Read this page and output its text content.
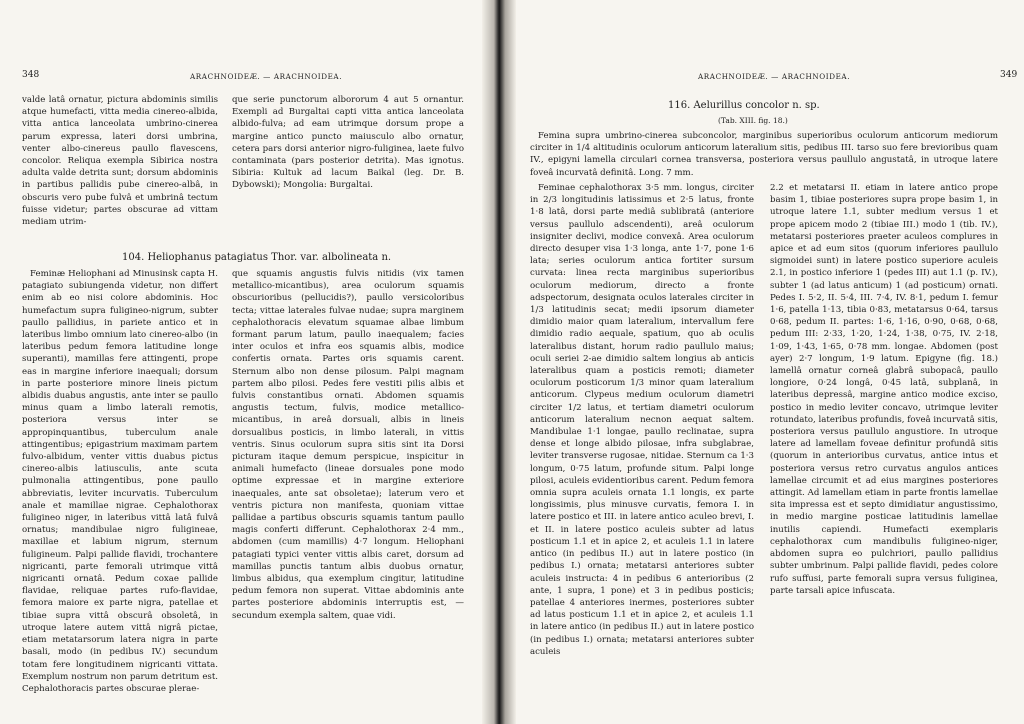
348	ARACHNOIDEÆ. — ARACHNOIDEA.

valde latâ ornatur, pictura abdominis similis atque humefacti, vitta media cinereo-albida, vitta antica lanceolata umbrino-cinerea parum expressa, lateri dorsi umbrina, venter albo-cinereus paullo flavescens, concolor. Reliqua exempla Sibirica nostra adulta valde detrita sunt; dorsum abdominis in partibus pallidis pube cinereo-albâ, in obscuris vero pube fulvâ et umbrinâ tectum fuisse videtur; partes obscurae ad vittam mediam utrim-

que serie punctorum albororum 4 aut 5 ornantur. Exempli ad Burgaltai capti vitta antica lanceolata albido-fulva; ad eam utrimque dorsum prope a margine antico puncto maiusculo albo ornatur, cetera pars dorsi anterior nigro-fuliginea, laete fulvo contaminata (pars posterior detrita). Mas ignotus. Sibiria: Kultuk ad lacum Baikal (leg. Dr. B. Dybowski); Mongolia: Burgaltai.

104. Heliophanus patagiatus Thor. var. albolineata n.

Feminæ Heliophani ad Minusinsk capta H. patagiato subiungenda videtur, non differt enim ab eo nisi colore abdominis. Hoc humefactum supra fuligineo-nigrum, subter paullo pallidius, in pariete antico et in lateribus limbo omnium lato cinereo-albo (in lateribus pedum femora latitudine longe superanti), mamillas fere attingenti, prope eas in margine inferiore inaequali; dorsum in parte posteriore minore lineis pictum albidis duabus angustis, ante inter se paullo minus quam a limbo laterali remotis, posteriora versus inter se appropinquantibus, tuberculum anale attingentibus; epigastrium maximam partem fulvo-albidum, venter vittis duabus pictus cinereo-albis latiusculis, ante scuta pulmonalia attingentibus, pone paullo abbreviatis, leviter incurvatis. Tuberculum anale et mamillae nigrae. Cephalothorax fuligineo niger, in lateribus vittâ latâ fulvâ ornatus; mandibulae nigro fuligineae, maxillae et labium nigrum, sternum fuligineum. Palpi pallide flavidi, trochantere nigricanti, parte femorali utrimque vittâ nigricanti ornatâ. Pedum coxae pallide flavidae, reliquae partes rufo-flavidae, femora maiore ex parte nigra, patellae et tibiae supra vittâ obscurâ obsoletâ, in utroque latere autem vittâ nigrâ pictae, etiam metatarsorum latera nigra in parte basali, modo (in pedibus IV.) secundum totam fere longitudinem nigricanti vittata. Exemplum nostrum non parum detritum est. Cephalothoracis partes obscurae plerae-

que squamis angustis fulvis nitidis (vix tamen metallico-micantibus), area oculorum squamis obscurioribus (pellucidis?), paullo versicoloribus tecta; vittae laterales fulvae nudae; supra marginem cephalothoracis elevatum squamae albae limbum formant parum latum, paullo inaequalem; facies inter oculos et infra eos squamis albis, modice confertis ornata. Partes oris squamis carent. Sternum albo non dense pilosum. Palpi magnam partem albo pilosi. Pedes fere vestiti pilis albis et fulvis constantibus ornati. Abdomen squamis angustis tectum, fulvis, modice metallico-micantibus, in areâ dorsuali, albis in lineis dorsualibus posticis, in limbo laterali, in vittis ventris. Sinus oculorum supra sitis sint ita Dorsi picturam itaque demum perspicue, inspicitur in animali humefacto (lineae dorsuales pone modo optime expressae et in margine exteriore inaequales, ante sat obsoletae); laterum vero et ventris pictura non manifesta, quoniam vittae pallidae a partibus obscuris squamis tantum paullo magis conferti differunt. Cephalothorax 2·4 mm., abdomen (cum mamillis) 4·7 longum. Heliophani patagiati typici venter vittis albis caret, dorsum ad mamillas punctis tantum albis duobus ornatur, limbus albidus, qua exemplum cingitur, latitudine pedum femora non superat. Vittae abdominis ante partes posteriore abdominis interruptis est, — secundum exempla saltem, quae vidi.

ARACHNOIDEÆ. — ARACHNOIDEA.	349
116. Aelurillus concolor n. sp.
(Tab. XIII. fig. 18.)

Femina supra umbrino-cinerea subconcolor, marginibus superioribus oculorum anticorum mediorum circiter in 1/4 altitudinis oculorum anticorum lateralium sitis, pedibus III. tarso suo fere brevioribus quam IV., epigyni lamella circulari cornea transversa, posteriora versus paullulo angustatâ, in utroque latere foveâ incurvatâ definitâ. Long. 7 mm.

Feminae cephalothorax 3·5 mm. longus, circiter in 2/3 longitudinis latissimus et 2·5 latus, fronte 1·8 latâ, dorsi parte mediâ sublibratâ (anteriore versus paullulo adscendenti), areâ oculorum insigniter declivi, modice convexâ. Area oculorum directo desuper visa 1·3 longa, ante 1·7, pone 1·6 lata; series oculorum antica fortiter sursum curvata: linea recta marginibus superioribus oculorum mediorum, directo a fronte adspectorum, designata oculos laterales circiter in 1/3 latitudinis secat; medii ipsorum diameter dimidio maior quam lateralium, intervallum fere dimidio radio aequale, spatium, quo ab oculis lateralibus distant, horum radio paullulo maius; oculi seriei 2-ae dimidio saltem longius ab anticis lateralibus quam a posticis remoti; diameter oculorum posticorum 1/3 minor quam lateralium anticorum. Clypeus medium oculorum diametri circiter 1/2 latus, et tertiam diametri oculorum anticorum lateralium necnon aequat saltem. Mandibulae 1·1 longae, paullo reclinatae, supra dense et longe albido pilosae, infra subglabrae, leviter transverse rugosae, nitidae. Sternum ca 1·3 longum, 0·75 latum, profunde situm. Palpi longe pilosi, aculeis evidentioribus carent. Pedum femora omnia supra aculeis ornata 1.1 longis, ex parte longissimis, plus minusve curvatis, femora I. in latere postico et III. in latere antico aculeo brevi, I. et II. in latere postico aculeis subter ad latus posticum 1.1 et in apice 2, et aculeis 1.1 in latere antico (in pedibus II.) aut in latere postico (in pedibus I.) ornata; metatarsi anteriores subter aculeis instructa: 4 in pedibus 6 anterioribus (2 ante, 1 supra, 1 pone) et 3 in pedibus posticis; patellae 4 anteriores inermes, posteriores subter ad latus posticum 1.1 et in apice 2, et aculeis 1.1 in latere antico (in pedibus II.) aut in latere postico (in pedibus I.) ornata; metatarsi anteriores subter aculeis

2.2 et metatarsi II. etiam in latere antico prope basim 1, tibiae posteriores supra prope basim 1, in utroque latere 1.1, subter medium versus 1 et prope apicem modo 2 (tibiae III.) modo 1 (tib. IV.), metatarsi posteriores praeter aculeos complures in apice et ad eum sitos (quorum inferiores paullulo sigmoidei sunt) in latere postico superiore aculeis 2.1, in postico inferiore 1 (pedes III) aut 1.1 (p. IV.), subter 1 (ad latus anticum) 1 (ad posticum) ornati. Pedes I. 5·2, II. 5·4, III. 7·4, IV. 8·1, pedum I. femur 1·6, patella 1·13, tibia 0·83, metatarsus 0·64, tarsus 0·68, pedum II. partes: 1·6, 1·16, 0·90, 0·68, 0·68, pedum III: 2·33, 1·20, 1·24, 1·38, 0·75, IV. 2·18, 1·09, 1·43, 1·65, 0·78 mm. longae. Abdomen (post ayer) 2·7 longum, 1·9 latum. Epigyne (fig. 18.) lamellâ ornatur corneâ glabrâ subopacâ, paullo longiore, 0·24 longâ, 0·45 latâ, subplanâ, in lateribus depressâ, margine antico modice exciso, postico in medio leviter concavo, utrimque leviter rotundato, lateribus profundis, foveâ incurvatâ sitis, posteriora versus paullulo angustiore. In utroque latere ad lamellam foveae definitur profundâ sitis (quorum in anterioribus curvatus, antice intus et posteriora versus retro curvatus angulos antices lamellae circumit et ad eius margines posteriores attingit. Ad lamellam etiam in parte frontis lamellae sita impressa est et septo dimidiatur angustissimo, in medio margine posticae latitudinis lamellae inutilis capiendi. Humefacti exemplaris cephalothorax cum mandibulis fuligineo-niger, abdomen supra eo pulchriori, paullo pallidius subter umbrinum. Palpi pallide flavidi, pedes colore rufo suffusi, parte femorali supra versus fuliginea, parte tarsali apice infuscata.
